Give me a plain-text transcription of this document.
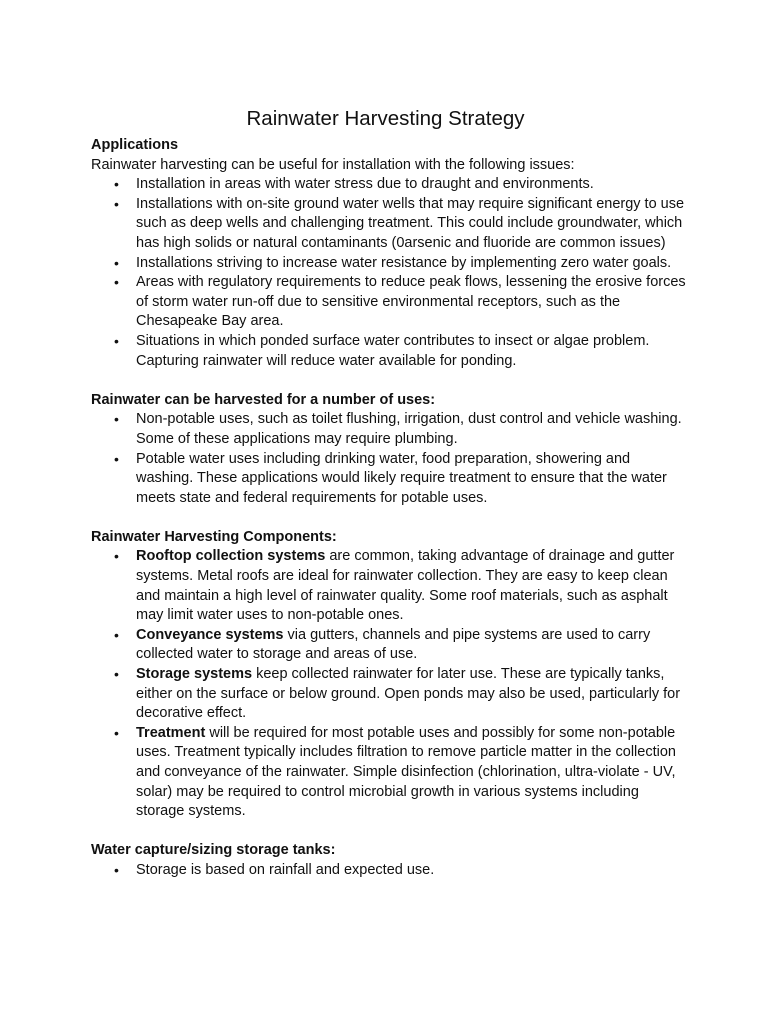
Rainwater Harvesting Strategy

Applications

Rainwater harvesting can be useful for installation with the following issues:

• Installation in areas with water stress due to draught and environments.
• Installations with on-site ground water wells that may require significant energy to use such as deep wells and challenging treatment. This could include groundwater, which has high solids or natural contaminants (0arsenic and fluoride are common issues)
• Installations striving to increase water resistance by implementing zero water goals.
• Areas with regulatory requirements to reduce peak flows, lessening the erosive forces of storm water run-off due to sensitive environmental receptors, such as the Chesapeake Bay area.
• Situations in which ponded surface water contributes to insect or algae problem. Capturing rainwater will reduce water available for ponding.

Rainwater can be harvested for a number of uses:

• Non-potable uses, such as toilet flushing, irrigation, dust control and vehicle washing. Some of these applications may require plumbing.
• Potable water uses including drinking water, food preparation, showering and washing. These applications would likely require treatment to ensure that the water meets state and federal requirements for potable uses.

Rainwater Harvesting Components:

• Rooftop collection systems are common, taking advantage of drainage and gutter systems. Metal roofs are ideal for rainwater collection. They are easy to keep clean and maintain a high level of rainwater quality. Some roof materials, such as asphalt may limit water uses to non-potable ones.
• Conveyance systems via gutters, channels and pipe systems are used to carry collected water to storage and areas of use.
• Storage systems keep collected rainwater for later use. These are typically tanks, either on the surface or below ground. Open ponds may also be used, particularly for decorative effect.
• Treatment will be required for most potable uses and possibly for some non-potable uses. Treatment typically includes filtration to remove particle matter in the collection and conveyance of the rainwater. Simple disinfection (chlorination, ultra-violate - UV, solar) may be required to control microbial growth in various systems including storage systems.

Water capture/sizing storage tanks:

• Storage is based on rainfall and expected use.
